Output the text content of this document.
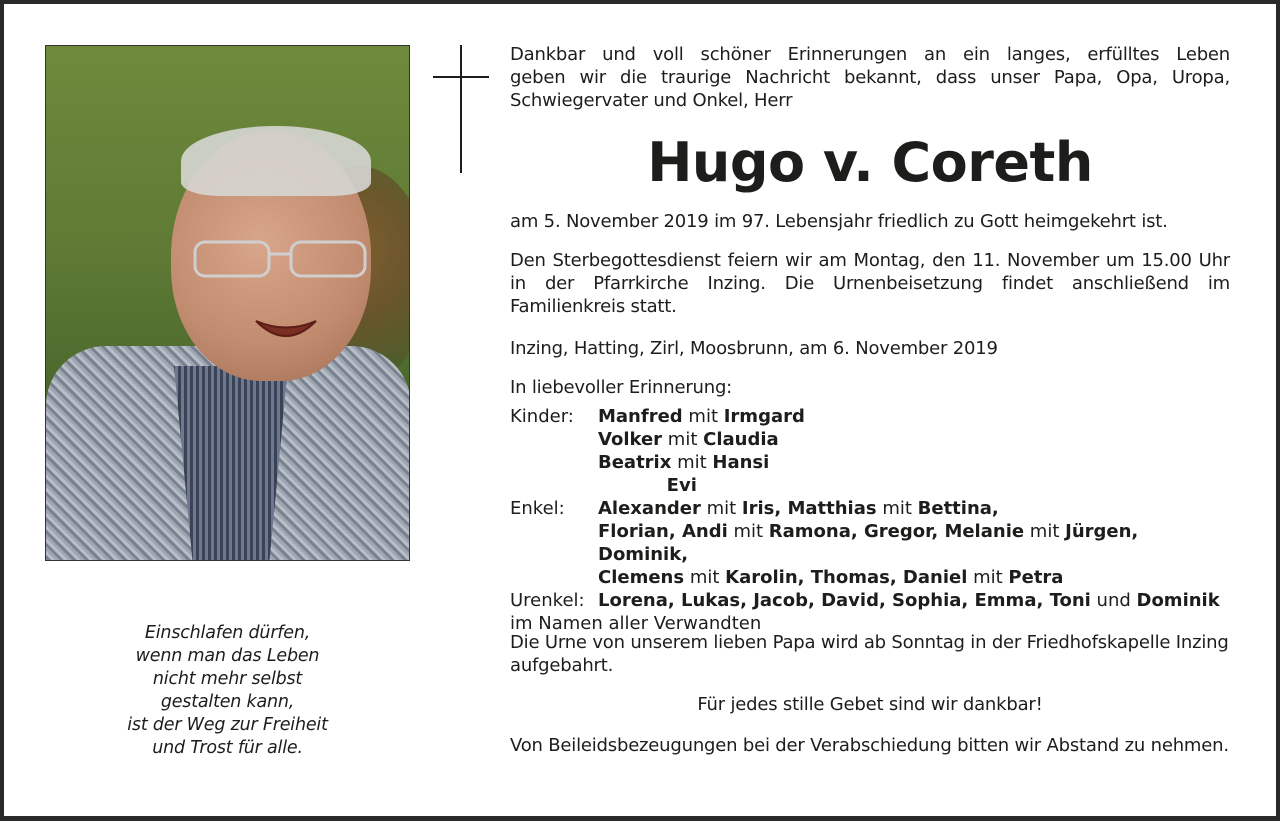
Dankbar und voll schöner Erinnerungen an ein langes, erfülltes Leben
geben wir die traurige Nachricht bekannt, dass unser Papa, Opa, Uropa,
Schwiegervater und Onkel, Herr
Hugo v. Coreth
am 5. November 2019 im 97. Lebensjahr friedlich zu Gott heimgekehrt ist.
Den Sterbegottesdienst feiern wir am Montag, den 11. November um 15.00 Uhr in der Pfarrkirche Inzing. Die Urnenbeisetzung findet anschließend im Familienkreis statt.
Inzing, Hatting, Zirl, Moosbrunn, am 6. November 2019
In liebevoller Erinnerung:
Kinder:	Manfred mit Irmgard
Volker mit Claudia
Beatrix mit Hansi
Evi
Enkel:	Alexander mit Iris, Matthias mit Bettina,
Florian, Andi mit Ramona, Gregor, Melanie mit Jürgen, Dominik,
Clemens mit Karolin, Thomas, Daniel mit Petra
Urenkel: Lorena, Lukas, Jacob, David, Sophia, Emma, Toni und Dominik
im Namen aller Verwandten
Die Urne von unserem lieben Papa wird ab Sonntag in der Friedhofskapelle Inzing aufgebahrt.
Für jedes stille Gebet sind wir dankbar!
Von Beileidsbezeugungen bei der Verabschiedung bitten wir Abstand zu nehmen.
Einschlafen dürfen,
wenn man das Leben
nicht mehr selbst
gestalten kann,
ist der Weg zur Freiheit
und Trost für alle.
